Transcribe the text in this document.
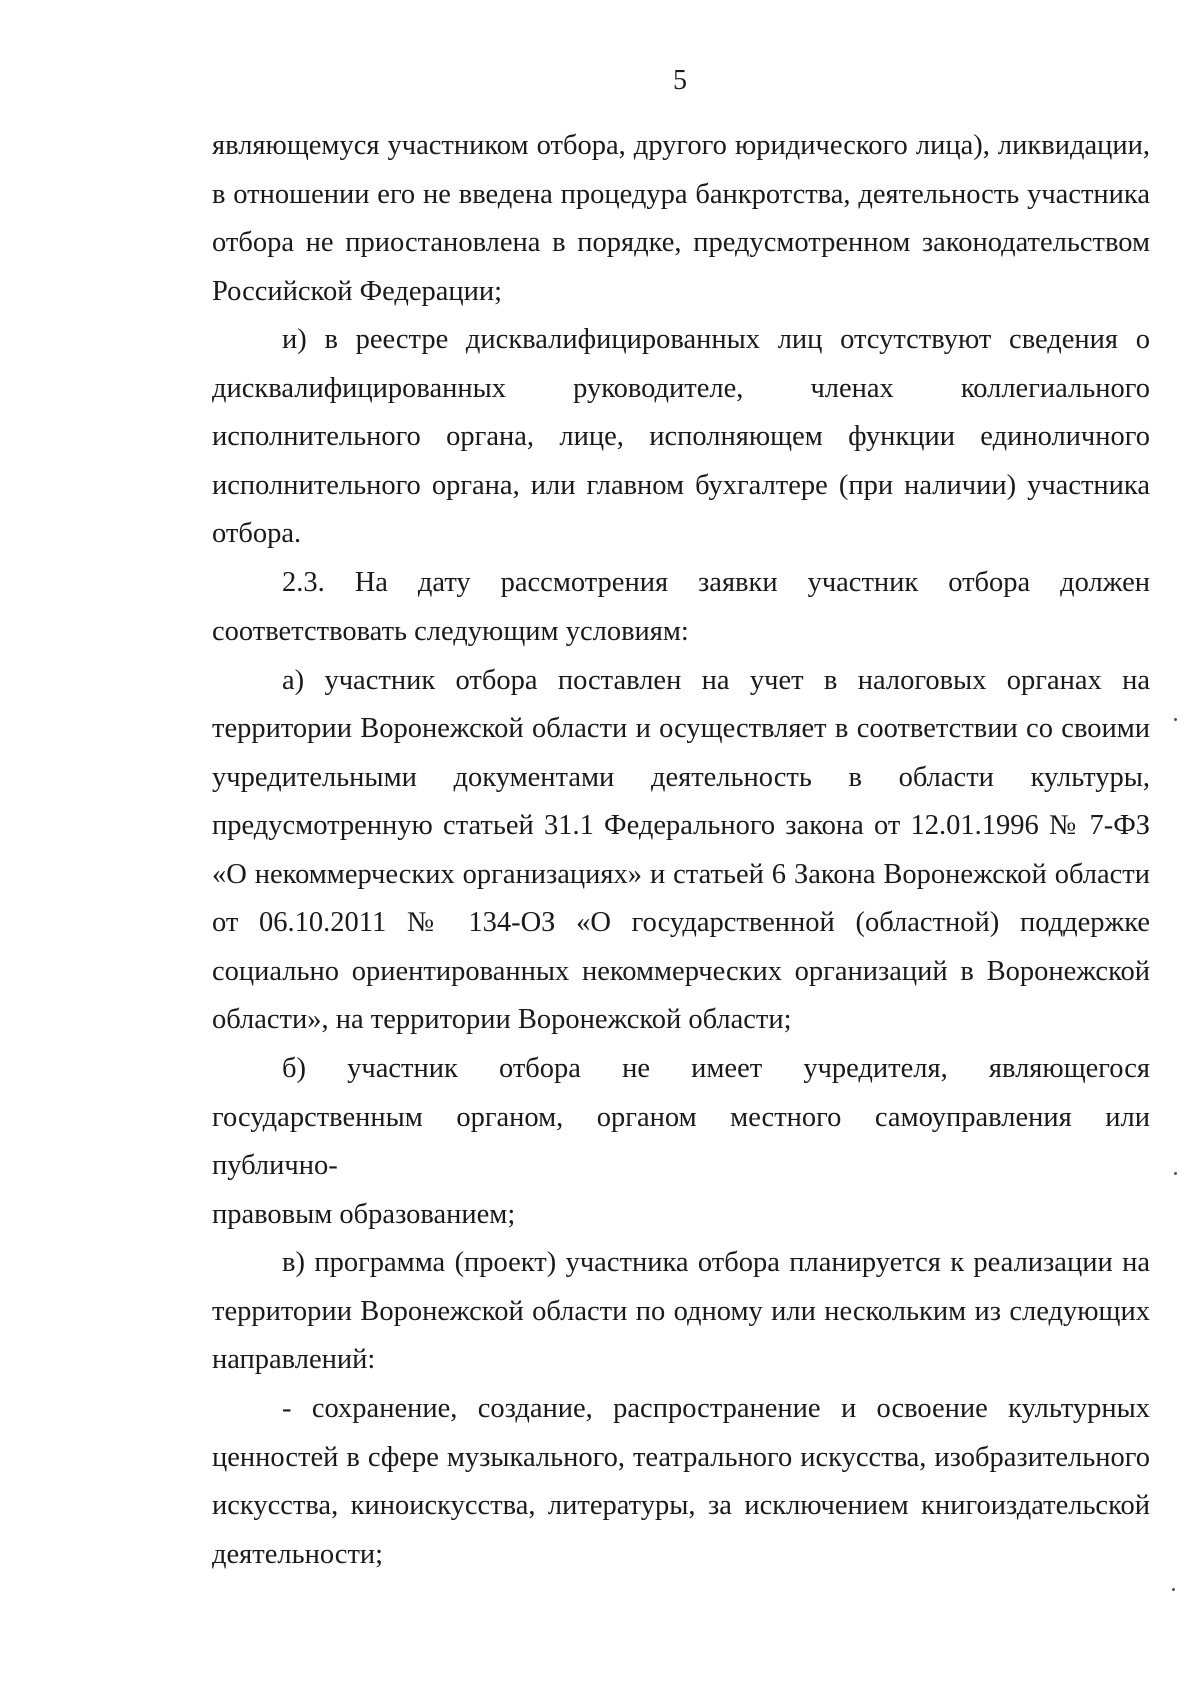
5
являющемуся участником отбора, другого юридического лица), ликвидации,
в отношении его не введена процедура банкротства, деятельность участника
отбора не приостановлена в порядке, предусмотренном законодательством
Российской Федерации;
и) в реестре дисквалифицированных лиц отсутствуют сведения о
дисквалифицированных руководителе, членах коллегиального
исполнительного органа, лице, исполняющем функции единоличного
исполнительного органа, или главном бухгалтере (при наличии) участника
отбора.
2.3. На дату рассмотрения заявки участник отбора должен
соответствовать следующим условиям:
а) участник отбора поставлен на учет в налоговых органах на
территории Воронежской области и осуществляет в соответствии со своими
учредительными документами деятельность в области культуры,
предусмотренную статьей 31.1 Федерального закона от 12.01.1996 № 7-ФЗ
«О некоммерческих организациях» и статьей 6 Закона Воронежской области
от 06.10.2011 № 134-ОЗ «О государственной (областной) поддержке
социально ориентированных некоммерческих организаций в Воронежской
области», на территории Воронежской области;
б) участник отбора не имеет учредителя, являющегося
государственным органом, органом местного самоуправления или публично-
правовым образованием;
в) программа (проект) участника отбора планируется к реализации на
территории Воронежской области по одному или нескольким из следующих
направлений:
- сохранение, создание, распространение и освоение культурных
ценностей в сфере музыкального, театрального искусства, изобразительного
искусства, киноискусства, литературы, за исключением книгоиздательской
деятельности;
